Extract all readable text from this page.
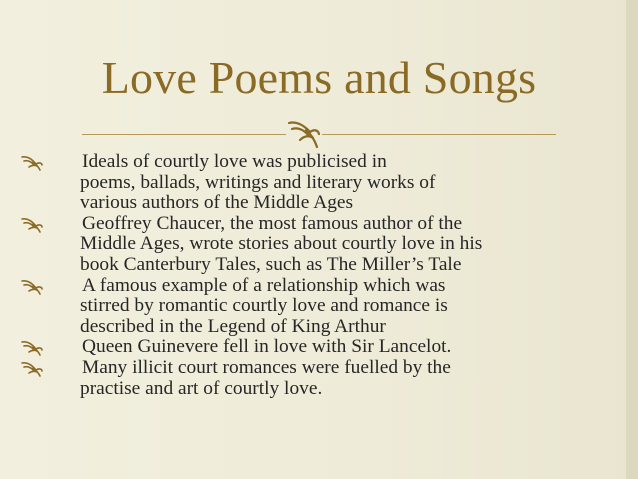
Love Poems and Songs
Ideals of courtly love was publicised in
poems, ballads, writings and literary works of
various authors of the Middle Ages
Geoffrey Chaucer, the most famous author of the
Middle Ages, wrote stories about courtly love in his
book Canterbury Tales, such as The Miller’s Tale
A famous example of a relationship which was
stirred by romantic courtly love and romance is
described in the Legend of King Arthur
Queen Guinevere fell in love with Sir Lancelot.
Many illicit court romances were fuelled by the
practise and art of courtly love.
